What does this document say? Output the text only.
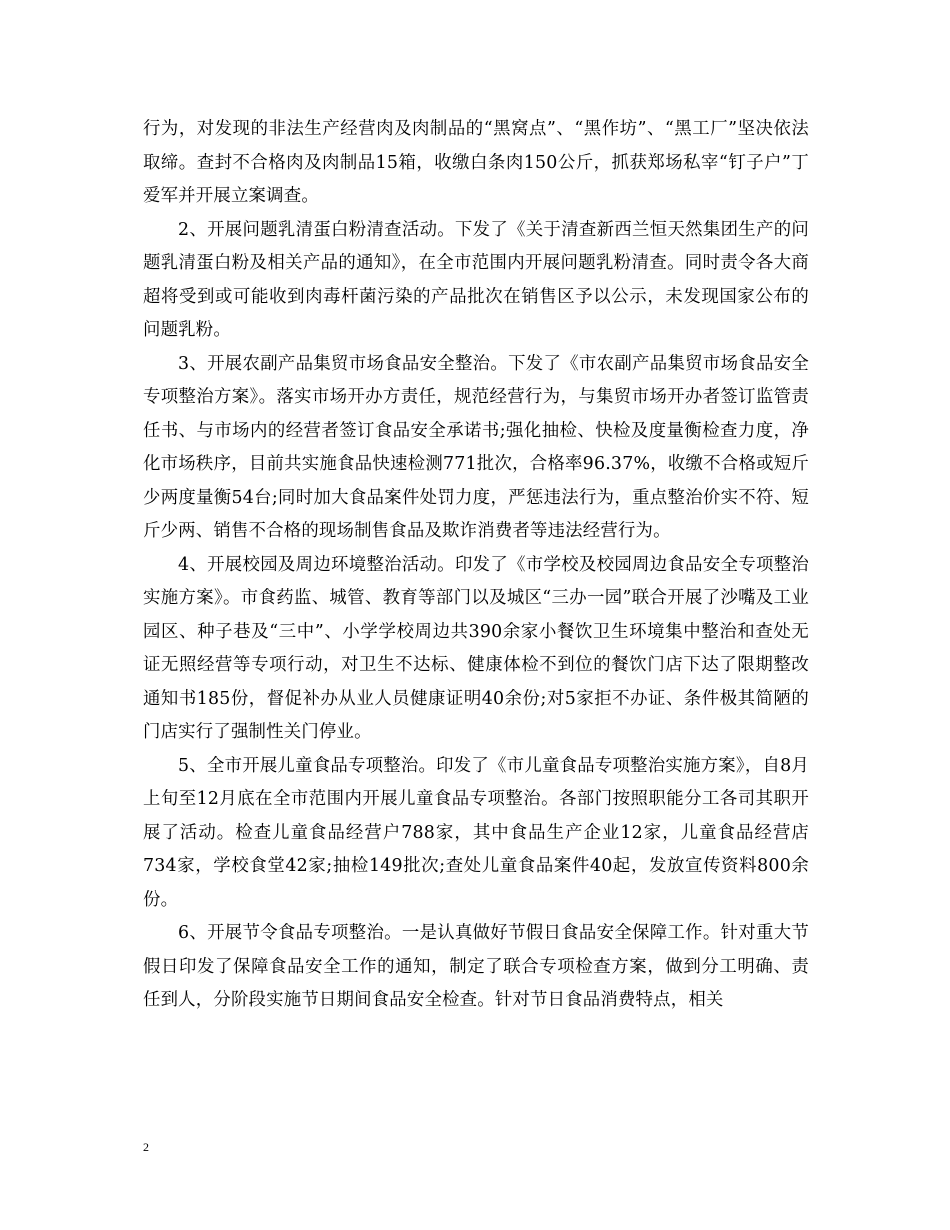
行为，对发现的非法生产经营肉及肉制品的“黑窝点”、“黑作坊”、“黑工厂”坚决依法取缔。查封不合格肉及肉制品15箱，收缴白条肉150公斤，抓获郑场私宰“钉子户”丁爱军并开展立案调查。

2、开展问题乳清蛋白粉清查活动。下发了《关于清查新西兰恒天然集团生产的问题乳清蛋白粉及相关产品的通知》，在全市范围内开展问题乳粉清查。同时责令各大商超将受到或可能收到肉毒杆菌污染的产品批次在销售区予以公示，未发现国家公布的问题乳粉。

3、开展农副产品集贸市场食品安全整治。下发了《市农副产品集贸市场食品安全专项整治方案》。落实市场开办方责任，规范经营行为，与集贸市场开办者签订监管责任书、与市场内的经营者签订食品安全承诺书;强化抽检、快检及度量衡检查力度，净化市场秩序，目前共实施食品快速检测771批次，合格率96.37%，收缴不合格或短斤少两度量衡54台;同时加大食品案件处罚力度，严惩违法行为，重点整治价实不符、短斤少两、销售不合格的现场制售食品及欺诈消费者等违法经营行为。

4、开展校园及周边环境整治活动。印发了《市学校及校园周边食品安全专项整治实施方案》。市食药监、城管、教育等部门以及城区“三办一园”联合开展了沙嘴及工业园区、种子巷及“三中”、小学学校周边共390余家小餐饮卫生环境集中整治和查处无证无照经营等专项行动，对卫生不达标、健康体检不到位的餐饮门店下达了限期整改通知书185份，督促补办从业人员健康证明40余份;对5家拒不办证、条件极其简陋的门店实行了强制性关门停业。

5、全市开展儿童食品专项整治。印发了《市儿童食品专项整治实施方案》，自8月上旬至12月底在全市范围内开展儿童食品专项整治。各部门按照职能分工各司其职开展了活动。检查儿童食品经营户788家，其中食品生产企业12家，儿童食品经营店734家，学校食堂42家;抽检149批次;查处儿童食品案件40起，发放宣传资料800余份。

6、开展节令食品专项整治。一是认真做好节假日食品安全保障工作。针对重大节假日印发了保障食品安全工作的通知，制定了联合专项检查方案，做到分工明确、责任到人，分阶段实施节日期间食品安全检查。针对节日食品消费特点，相关

2
